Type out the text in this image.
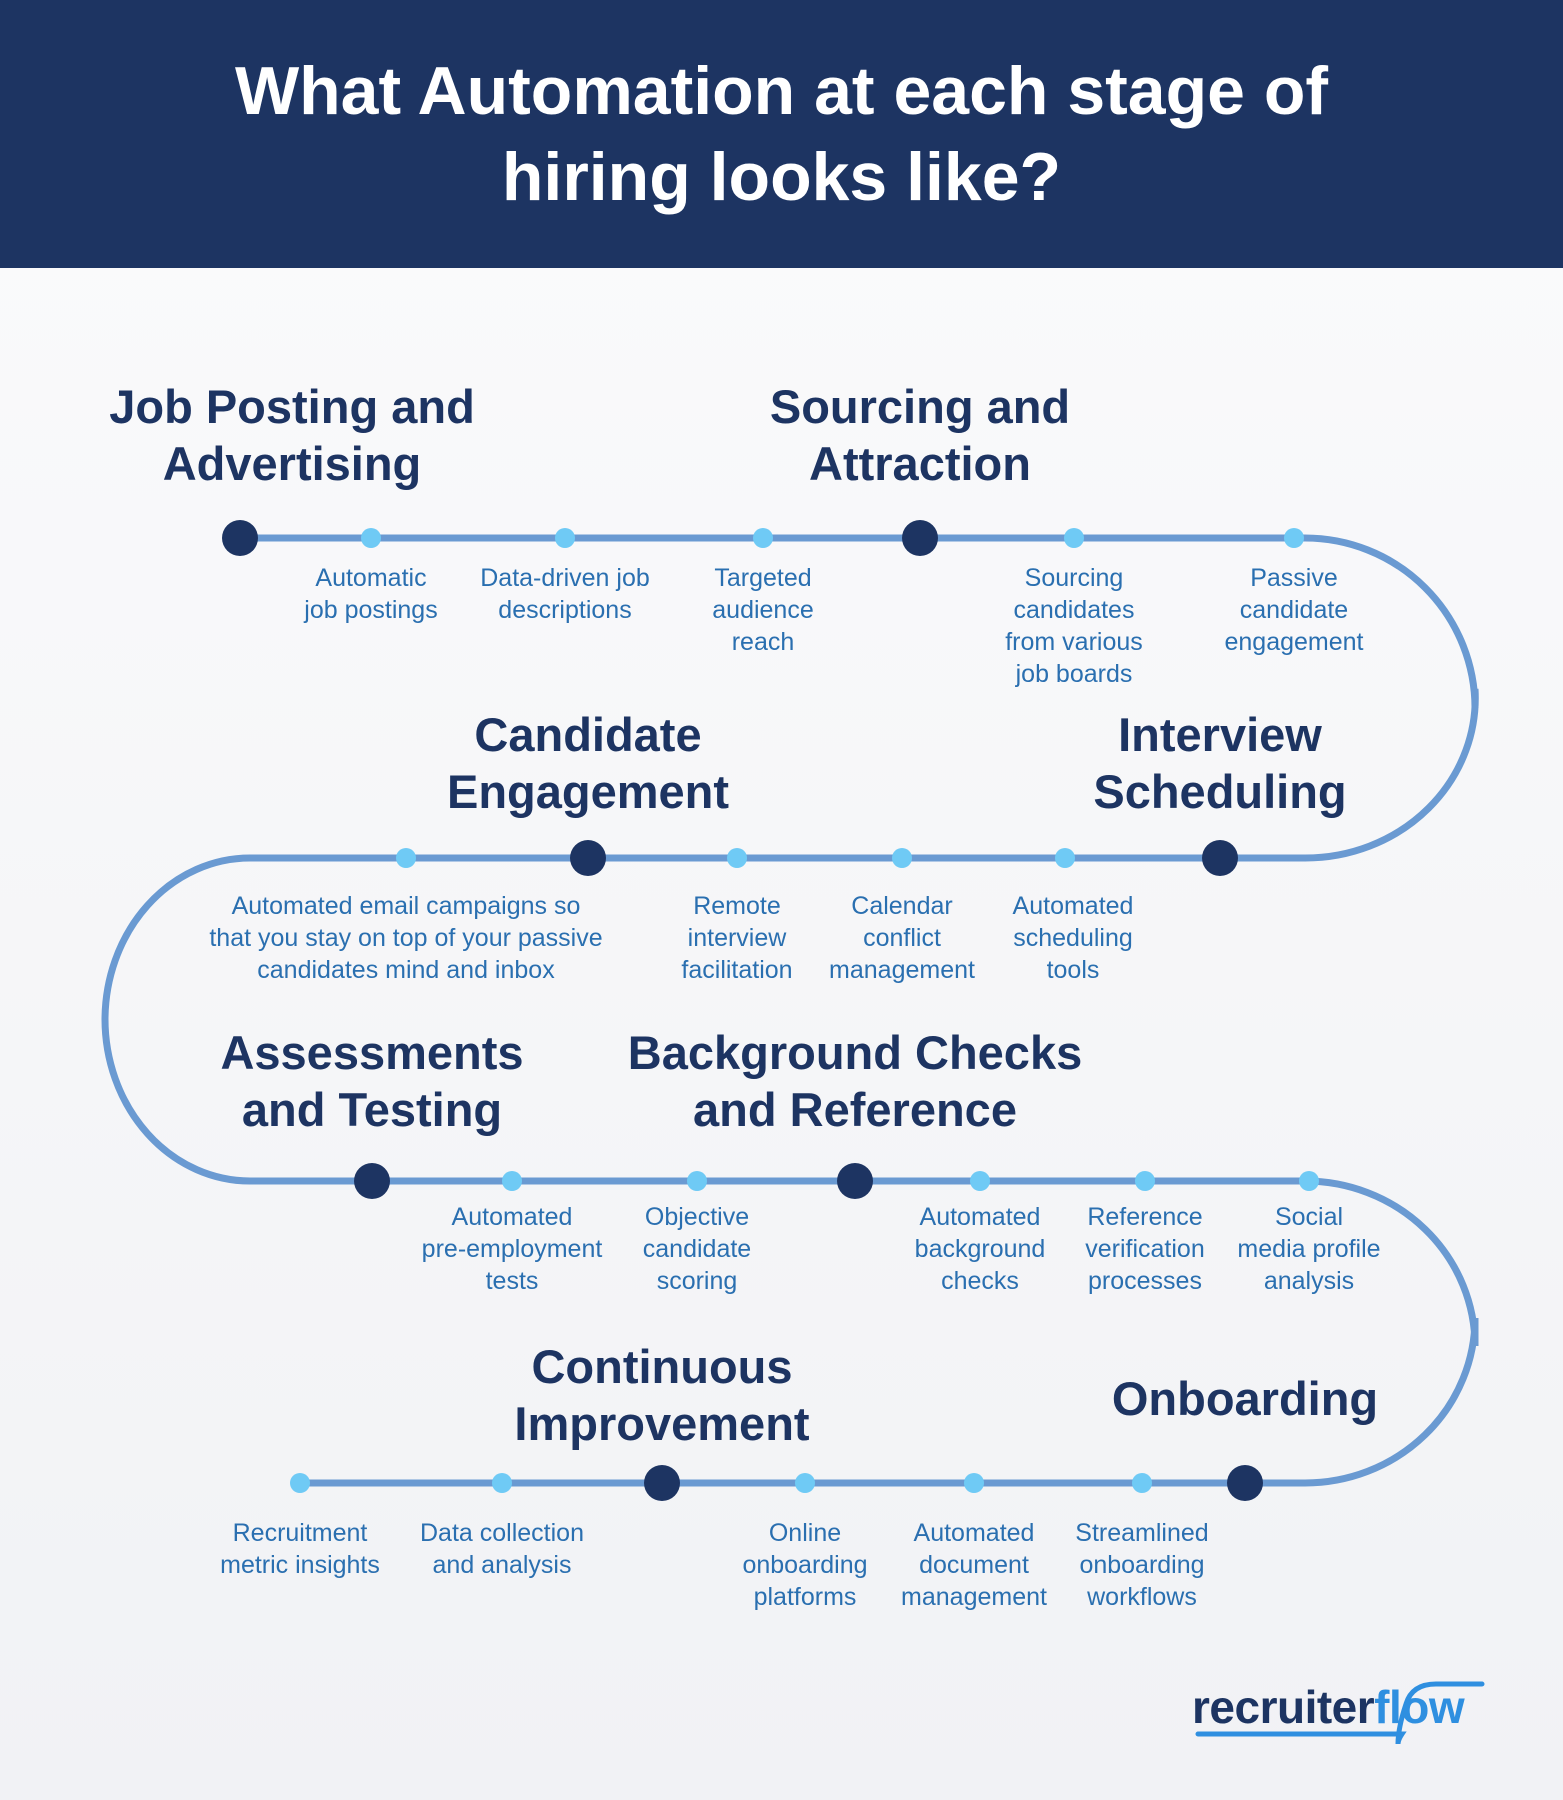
What Automation at each stage of hiring looks like?
Job Posting and
Advertising
Sourcing and
Attraction
Interview
Scheduling
Candidate
Engagement
Assessments
and Testing
Background Checks
and Reference
Onboarding
Continuous
Improvement
Automatic
job postings
Data-driven job
descriptions
Targeted
audience
reach
Sourcing
candidates
from various
job boards
Passive
candidate
engagement
Automated
scheduling
tools
Calendar
conflict
management
Remote
interview
facilitation
Automated email campaigns so
that you stay on top of your passive
candidates mind and inbox
Automated
pre-employment
tests
Objective
candidate
scoring
Automated
background
checks
Reference
verification
processes
Social
media profile
analysis
Streamlined
onboarding
workflows
Automated
document
management
Online
onboarding
platforms
Data collection
and analysis
Recruitment
metric insights
recruiterflow
